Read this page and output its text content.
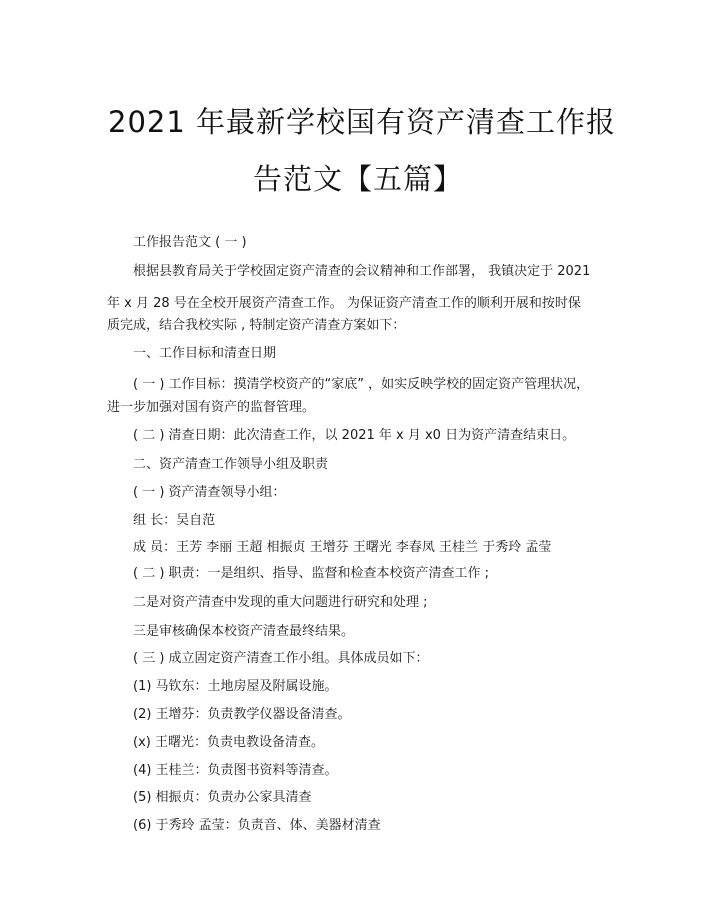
2021 年最新学校国有资产清查工作报
告范文【五篇】
工作报告范文 ( 一 )
根据县教育局关于学校固定资产清查的会议精神和工作部署， 我镇决定于 2021
年 x 月 28 号在全校开展资产清查工作。 为保证资产清查工作的顺利开展和按时保
质完成，结合我校实际 , 特制定资产清查方案如下：
一、工作目标和清查日期
( 一 ) 工作目标：摸清学校资产的“家底” ，如实反映学校的固定资产管理状况，
进一步加强对国有资产的监督管理。
( 二 ) 清查日期：此次清查工作，以 2021 年 x 月 x0 日为资产清查结束日。
二、资产清查工作领导小组及职责
( 一 ) 资产清查领导小组：
组 长：吴自范
成 员：王芳 李丽 王超 相振贞 王增芬 王曙光 李春凤 王桂兰 于秀玲 孟莹
( 二 ) 职责：一是组织、指导、监督和检查本校资产清查工作 ;
二是对资产清查中发现的重大问题进行研究和处理 ;
三是审核确保本校资产清查最终结果。
( 三 ) 成立固定资产清查工作小组。具体成员如下：
(1) 马钦东：土地房屋及附属设施。
(2) 王增芬：负责教学仪器设备清查。
(x) 王曙光：负责电教设备清查。
(4) 王桂兰：负责图书资料等清查。
(5) 相振贞：负责办公家具清查
(6) 于秀玲 孟莹：负责音、体、美器材清查
